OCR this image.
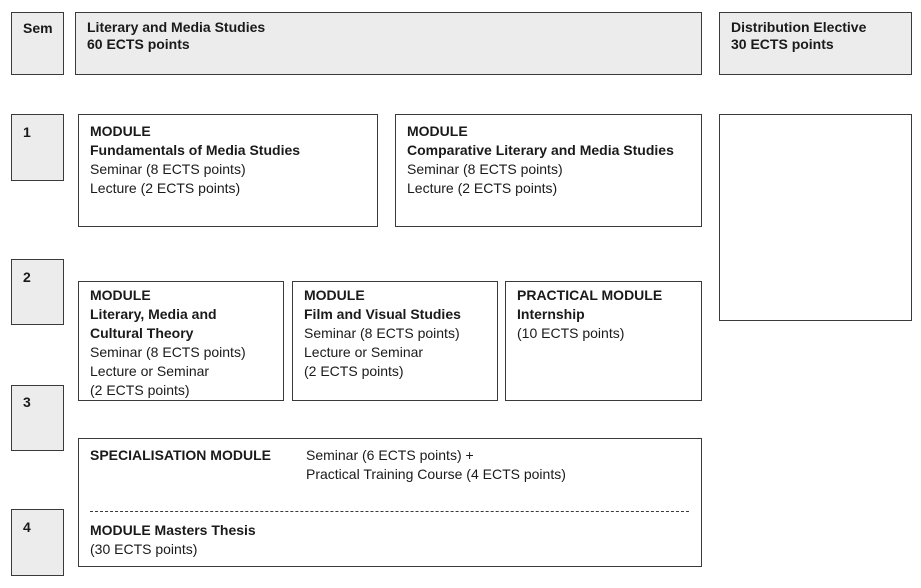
Sem Literary and Media Studies
60 ECTS points
Distribution Elective
30 ECTS points
1
2
3
4
MODULE
Fundamentals of Media Studies
Seminar (8 ECTS points)
Lecture (2 ECTS points)
MODULE
Comparative Literary and Media Studies
Seminar (8 ECTS points)
Lecture (2 ECTS points)
MODULE
Literary, Media and
Cultural Theory
Seminar (8 ECTS points)
Lecture or Seminar
(2 ECTS points)
MODULE
Film and Visual Studies
Seminar (8 ECTS points)
Lecture or Seminar
(2 ECTS points)
PRACTICAL MODULE
Internship
(10 ECTS points)
SPECIALISATION MODULE	Seminar (6 ECTS points) +
Practical Training Course (4 ECTS points)
MODULE Masters Thesis
(30 ECTS points)
